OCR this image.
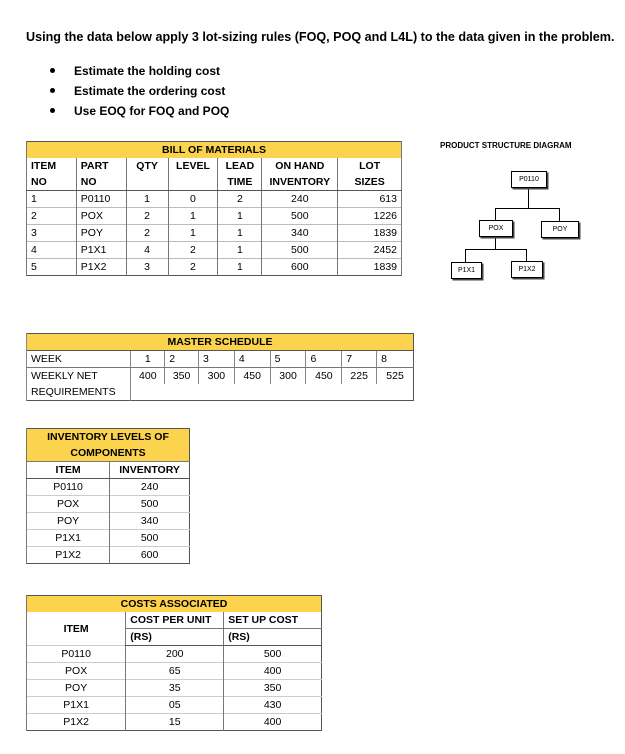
Using the data below apply 3 lot-sizing rules (FOQ, POQ and L4L) to the data given in the problem.
Estimate the holding cost
Estimate the ordering cost
Use EOQ for FOQ and POQ
BILL OF MATERIALS						
ITEM	PART	QTY	LEVEL	LEAD	ON HAND	LOT
NO	NO			TIME	INVENTORY	SIZES
1	P0110	1	0	2	240	613
2	POX	2	1	1	500	1226
3	POY	2	1	1	340	1839
4	P1X1	4	2	1	500	2452
5	P1X2	3	2	1	600	1839
MASTER SCHEDULE								
WEEK	1	2	3	4	5	6	7	8
WEEKLY NET	400	350	300	450	300	450	225	525
REQUIREMENTS								
INVENTORY LEVELS OF	
COMPONENTS	
ITEM	INVENTORY
P0110	240
POX	500
POY	340
P1X1	500
P1X2	600
COSTS ASSOCIATED		
ITEM	COST PER UNIT	SET UP COST
	(RS)	(RS)
P0110	200	500
POX	65	400
POY	35	350
P1X1	05	430
P1X2	15	400
PRODUCT STRUCTURE DIAGRAM
P0110
POX	POY
P1X1	P1X2
